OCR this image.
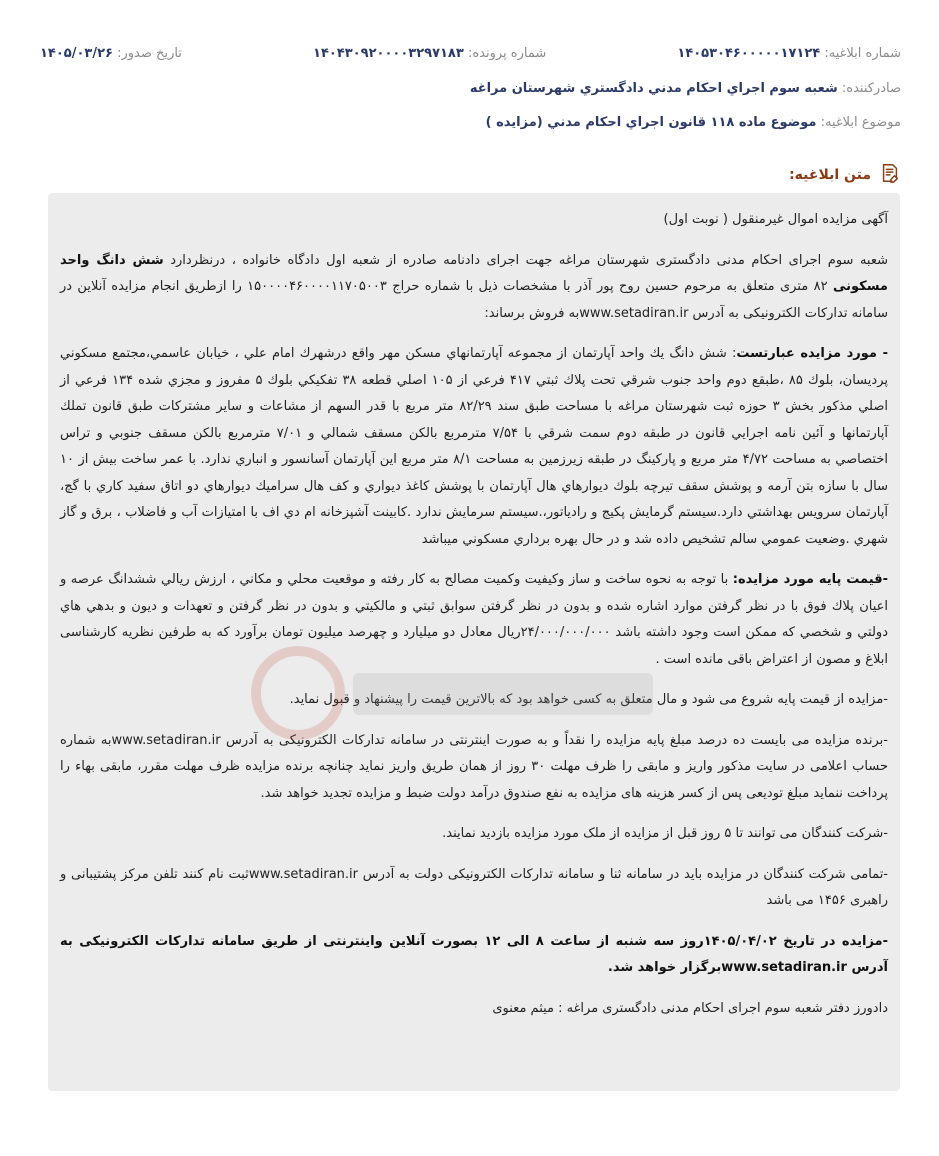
شماره ابلاغیه: ۱۴۰۵۳۰۴۶۰۰۰۰۰۱۷۱۲۴
شماره پرونده: ۱۴۰۴۳۰۹۲۰۰۰۰۳۲۹۷۱۸۳
تاریخ صدور: ۱۴۰۵/۰۳/۲۶
صادرکننده: شعبه سوم اجراي احكام مدني دادگستري شهرستان مراغه
موضوع ابلاغیه: موضوع ماده ۱۱۸ قانون اجراي احكام مدني (مزايده )
متن ابلاغیه:

آگهی مزایده اموال غیرمنقول ( نوبت اول)

شعبه سوم اجرای احکام مدنی دادگستری شهرستان مراغه جهت اجرای دادنامه صادره از شعبه اول دادگاه خانواده ، درنظردارد شش دانگ واحد مسکونی ۸۲ متری متعلق به مرحوم حسین روح پور آذر با مشخصات ذیل با شماره حراج ۱۵۰۰۰۰۴۶۰۰۰۰۱۱۷۰۵۰۰۳ را ازطریق انجام مزایده آنلاین در سامانه تدارکات الکترونیکی به آدرس www.setadiran.irبه فروش برساند:

- مورد مزایده عبارتست: شش دانگ يك واحد آپارتمان از مجموعه آپارتمانهاي مسكن مهر واقع درشهرك امام علي ، خيابان عاسمي،مجتمع مسكوني پرديسان، بلوك ۸۵ ،طبقع دوم واحد جنوب شرقي تحت پلاك ثبتي ۴۱۷ فرعي از ۱۰۵ اصلي قطعه ۳۸ تفكيكي بلوك ۵ مفروز و مجزي شده ۱۳۴ فرعي از اصلي مذكور بخش ۳ حوزه ثبت شهرستان مراغه با مساحت طبق سند ۸۲/۲۹ متر مربع با قدر السهم از مشاعات و ساير مشتركات طبق قانون تملك آپارتمانها و آئين نامه اجرايي قانون در طبقه دوم سمت شرقي با ۷/۵۴ مترمربع بالكن مسقف شمالي و ۷/۰۱ مترمربع بالكن مسقف جنوبي و تراس اختصاصي به مساحت ۴/۷۲ متر مربع و پاركينگ در طبقه زيرزمين به مساحت ۸/۱ متر مربع اين آپارتمان آسانسور و انباري ندارد. با عمر ساخت بيش از ۱۰ سال با سازه بتن آرمه و پوشش سقف تيرچه بلوك ديوارهاي هال آپارتمان با پوشش كاغذ ديواري و كف هال سراميك ديوارهاي دو اتاق سفيد كاري با گچ، آپارتمان سرويس بهداشتي دارد.سيستم گرمايش پكيج و رادياتور،.سيستم سرمايش ندارد .كابينت آشپزخانه ام دي اف با امتيازات آب و فاضلاب ، برق و گاز شهري .وضعيت عمومي سالم تشخيص داده شد و در حال بهره برداري مسكوني ميباشد

-قیمت پایه مورد مزایده: با توجه به نحوه ساخت و ساز وكيفيت وكميت مصالح به كار رفته و موقعيت محلي و مكاني ، ارزش ريالي ششدانگ عرصه و اعيان پلاك فوق با در نظر گرفتن موارد اشاره شده و بدون در نظر گرفتن سوابق ثبتي و مالكيتي و بدون در نظر گرفتن و تعهدات و ديون و بدهي هاي دولتي و شخصي كه ممكن است وجود داشته باشد ۲۴/۰۰۰/۰۰۰/۰۰۰ريال معادل دو ميلیارد و چهرصد ميليون تومان برآورد كه به طرفين نظريه كارشناسی ابلاغ و مصون از اعتراض باقی مانده است .

-مزایده از قیمت پایه شروع می شود و مال متعلق به کسی خواهد بود که بالاترین قیمت را پیشنهاد و قبول نماید.

-برنده مزایده می بایست ده درصد مبلغ پایه مزایده را نقداً و به صورت اینترنتی در سامانه تدارکات الکترونیکی به آدرس www.setadiran.irبه شماره حساب اعلامی در سایت مذکور واریز و مابقی را ظرف مهلت ۳۰ روز از همان طریق واریز نماید چنانچه برنده مزایده ظرف مهلت مقرر، مابقی بهاء را پرداخت ننماید مبلغ تودیعی پس از کسر هزینه های مزایده به نفع صندوق درآمد دولت ضبط و مزایده تجدید خواهد شد.

-شرکت کنندگان می توانند تا ۵ روز قبل از مزایده از ملک مورد مزایده بازدید نمایند.

-تمامی شرکت کنندگان در مزایده باید در سامانه ثنا و سامانه تدارکات الکترونیکی دولت به آدرس www.setadiran.irثبت نام کنند تلفن مرکز پشتیبانی و راهبری ۱۴۵۶ می باشد

-مزایده در تاریخ ۱۴۰۵/۰۴/۰۲روز سه شنبه از ساعت ۸ الی ۱۲ بصورت آنلاین واینترنتی از طریق سامانه تدارکات الکترونیکی به آدرس www.setadiran.irبرگزار خواهد شد.

دادورز دفتر شعبه سوم اجرای احکام مدنی دادگستری مراغه : میثم معنوی
